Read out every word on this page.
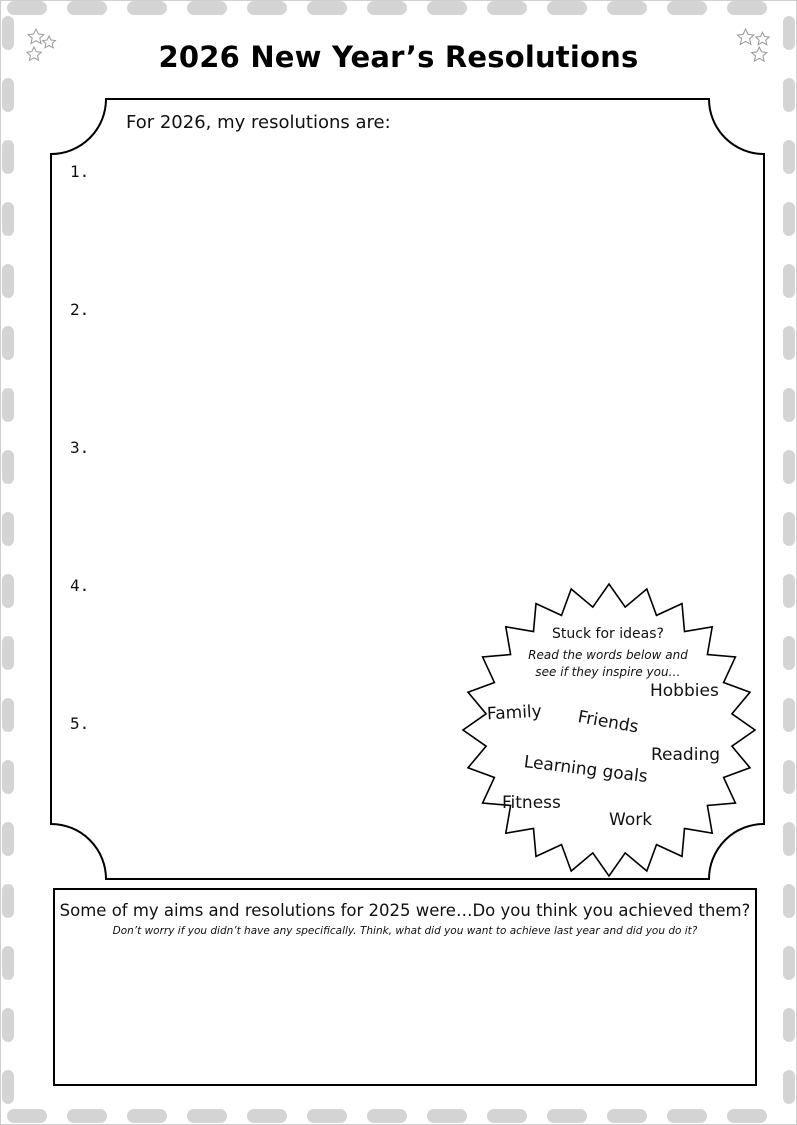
2026 New Year’s Resolutions
For 2026, my resolutions are:
1.
2.
3.
4.
5.
Stuck for ideas?
Read the words below and
see if they inspire you…
Hobbies
Family Friends
Reading
Learning goals
Fitness
Work
Some of my aims and resolutions for 2025 were…Do you think you achieved them?
Don’t worry if you didn’t have any specifically. Think, what did you want to achieve last year and did you do it?
